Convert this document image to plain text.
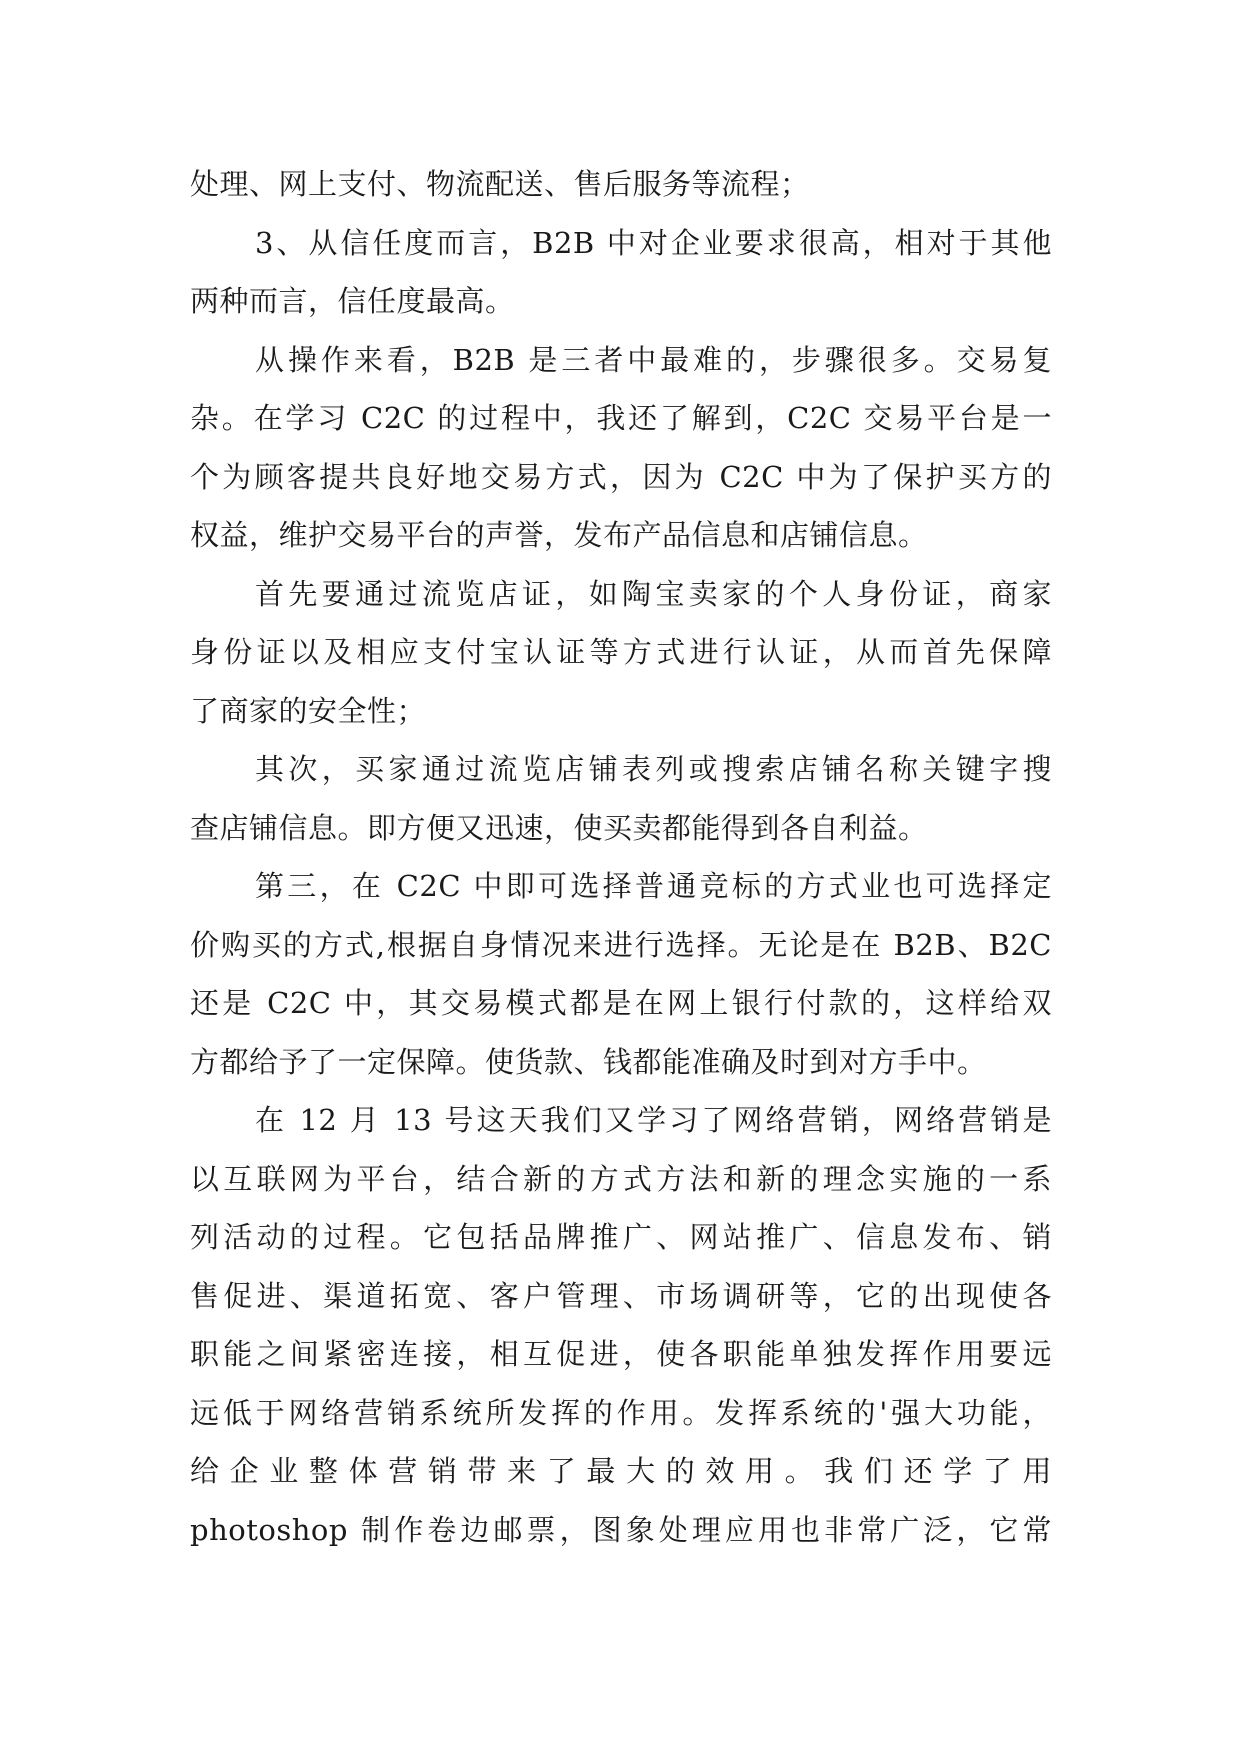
处理、网上支付、物流配送、售后服务等流程；
3、从信任度而言，B2B 中对企业要求很高，相对于其他
两种而言，信任度最高。
从操作来看，B2B 是三者中最难的，步骤很多。交易复
杂。在学习 C2C 的过程中，我还了解到，C2C 交易平台是一
个为顾客提共良好地交易方式，因为 C2C 中为了保护买方的
权益，维护交易平台的声誉，发布产品信息和店铺信息。
首先要通过流览店证，如陶宝卖家的个人身份证，商家
身份证以及相应支付宝认证等方式进行认证，从而首先保障
了商家的安全性；
其次，买家通过流览店铺表列或搜索店铺名称关键字搜
查店铺信息。即方便又迅速，使买卖都能得到各自利益。
第三，在 C2C 中即可选择普通竞标的方式业也可选择定
价购买的方式,根据自身情况来进行选择。无论是在 B2B、B2C
还是 C2C 中，其交易模式都是在网上银行付款的，这样给双
方都给予了一定保障。使货款、钱都能准确及时到对方手中。
在 12 月 13 号这天我们又学习了网络营销，网络营销是
以互联网为平台，结合新的方式方法和新的理念实施的一系
列活动的过程。它包括品牌推广、网站推广、信息发布、销
售促进、渠道拓宽、客户管理、市场调研等，它的出现使各
职能之间紧密连接，相互促进，使各职能单独发挥作用要远
远低于网络营销系统所发挥的作用。发挥系统的'强大功能，
给企业整体营销带来了最大的效用。我们还学了用
photoshop 制作卷边邮票，图象处理应用也非常广泛，它常
